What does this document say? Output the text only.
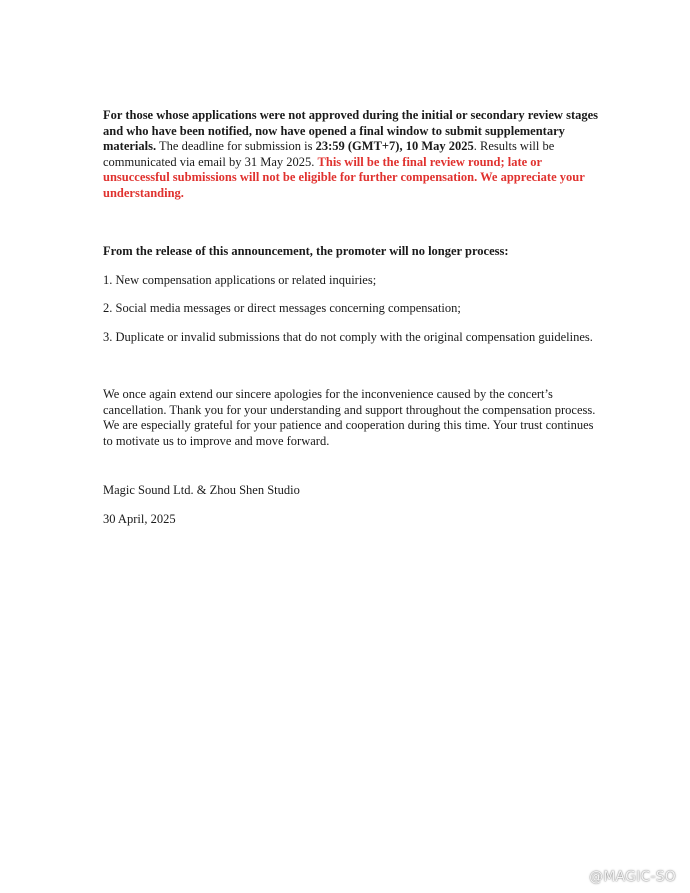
For those whose applications were not approved during the initial or secondary review stages and who have been notified, now have opened a final window to submit supplementary materials. The deadline for submission is 23:59 (GMT+7), 10 May 2025. Results will be communicated via email by 31 May 2025. This will be the final review round; late or unsuccessful submissions will not be eligible for further compensation. We appreciate your understanding.

From the release of this announcement, the promoter will no longer process:

1. New compensation applications or related inquiries;

2. Social media messages or direct messages concerning compensation;

3. Duplicate or invalid submissions that do not comply with the original compensation guidelines.

We once again extend our sincere apologies for the inconvenience caused by the concert’s cancellation. Thank you for your understanding and support throughout the compensation process. We are especially grateful for your patience and cooperation during this time. Your trust continues to motivate us to improve and move forward.

Magic Sound Ltd. & Zhou Shen Studio

30 April, 2025

@MAGIC-SO
